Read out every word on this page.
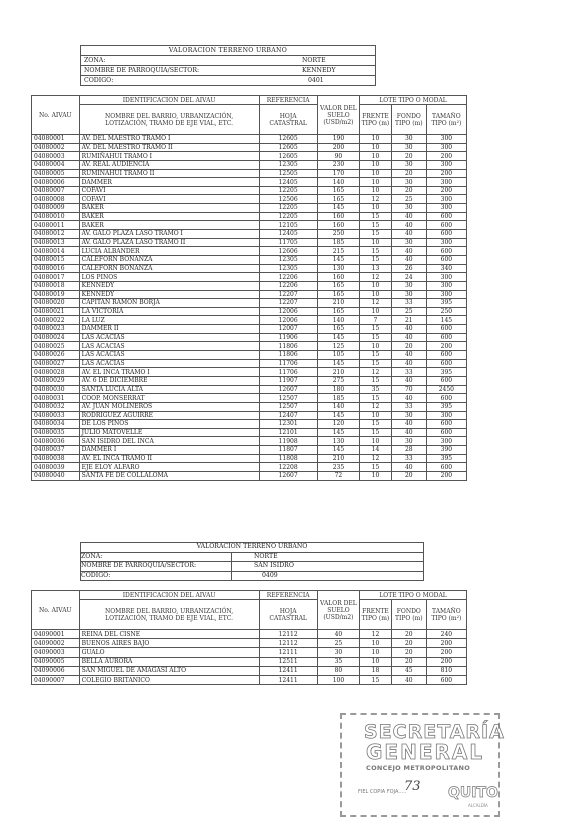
VALORACION TERRENO URBANO	
ZONA:	NORTE
NOMBRE DE PARROQUIA/SECTOR:	KENNEDY
CODIGO:	0401
No. AIVAU	IDENTIFICACION DEL AIVAU	REFERENCIA	VALOR DEL SUELO (USD/m2)	LOTE TIPO O MODAL		
	NOMBRE DEL BARRIO, URBANIZACIÓN, LOTIZACIÓN, TRAMO DE EJE VIAL, ETC.	HOJA CATASTRAL		FRENTE TIPO (m)	FONDO TIPO (m)	TAMAÑO TIPO (m²)
04080001	AV. DEL MAESTRO TRAMO I	12605	190	10	30	300
04080002	AV. DEL MAESTRO TRAMO II	12605	200	10	30	300
04080003	RUMIÑAHUI TRAMO I	12605	90	10	20	200
04080004	AV. REAL AUDIENCIA	12305	230	10	30	300
04080005	RUMIÑAHUI TRAMO II	12505	170	10	20	200
04080006	DAMMER	12405	140	10	30	300
04080007	COFAVI	12205	165	10	20	200
04080008	COFAVI	12506	165	12	25	300
04080009	BAKER	12205	145	10	30	300
04080010	BAKER	12205	160	15	40	600
04080011	BAKER	12105	160	15	40	600
04080012	AV. GALO PLAZA LASO TRAMO I	12405	250	15	40	600
04080013	AV. GALO PLAZA LASO TRAMO II	11705	185	10	30	300
04080014	LUCIA ALBANDER	12606	215	15	40	600
04080015	CALEFORN BONANZA	12305	145	15	40	600
04080016	CALEFORN BONANZA	12305	130	13	26	340
04080017	LOS PINOS	12206	160	12	24	300
04080018	KENNEDY	12206	165	10	30	300
04080019	KENNEDY	12207	165	10	30	300
04080020	CAPITAN RAMON BORJA	12207	210	12	33	395
04080021	LA VICTORIA	12006	165	10	25	250
04080022	LA LUZ	12006	140	7	21	145
04080023	DAMMER II	12007	165	15	40	600
04080024	LAS ACACIAS	11906	145	15	40	600
04080025	LAS ACACIAS	11806	125	10	20	200
04080026	LAS ACACIAS	11806	105	15	40	600
04080027	LAS ACACIAS	11706	145	15	40	600
04080028	AV. EL INCA TRAMO I	11706	210	12	33	395
04080029	AV. 6 DE DICIEMBRE	11907	275	15	40	600
04080030	SANTA LUCIA ALTA	12607	180	35	70	2450
04080031	COOP. MONSERRAT	12507	185	15	40	600
04080032	AV. JUAN MOLINEROS	12507	140	12	33	395
04080033	RODRIGUEZ AGUIRRE	12407	145	10	30	300
04080034	DE LOS PINOS	12301	120	15	40	600
04080035	JULIO MATOVELLE	12101	145	15	40	600
04080036	SAN ISIDRO DEL INCA	11908	130	10	30	300
04080037	DAMMER I	11807	145	14	28	390
04080038	AV. EL INCA TRAMO II	11808	210	12	33	395
04080039	EJE ELOY ALFARO	12208	235	15	40	600
04080040	SANTA FE DE COLLALOMA	12607	72	10	20	200
VALORACION TERRENO URBANO	
ZONA:	NORTE
NOMBRE DE PARROQUIA/SECTOR:	SAN ISIDRO
CODIGO:	0409
No. AIVAU	IDENTIFICACION DEL AIVAU	REFERENCIA	VALOR DEL SUELO (USD/m2)	LOTE TIPO O MODAL		
	NOMBRE DEL BARRIO, URBANIZACIÓN, LOTIZACIÓN, TRAMO DE EJE VIAL, ETC.	HOJA CATASTRAL		FRENTE TIPO (m)	FONDO TIPO (m)	TAMAÑO TIPO (m²)
04090001	REINA DEL CISNE	12112	40	12	20	240
04090002	BUENOS AIRES BAJO	12112	25	10	20	200
04090003	GUALO	12111	30	10	20	200
04090005	BELLA AURORA	12511	35	10	20	200
04090006	SAN MIGUEL DE AMAGASI ALTO	12411	80	18	45	810
04090007	COLEGIO BRITANICO	12411	100	15	40	600
SECRETARÍA
GENERAL
CONCEJO METROPOLITANO
FIEL COPIA FOJA.....
73 QUITO
ALCALDÍA
